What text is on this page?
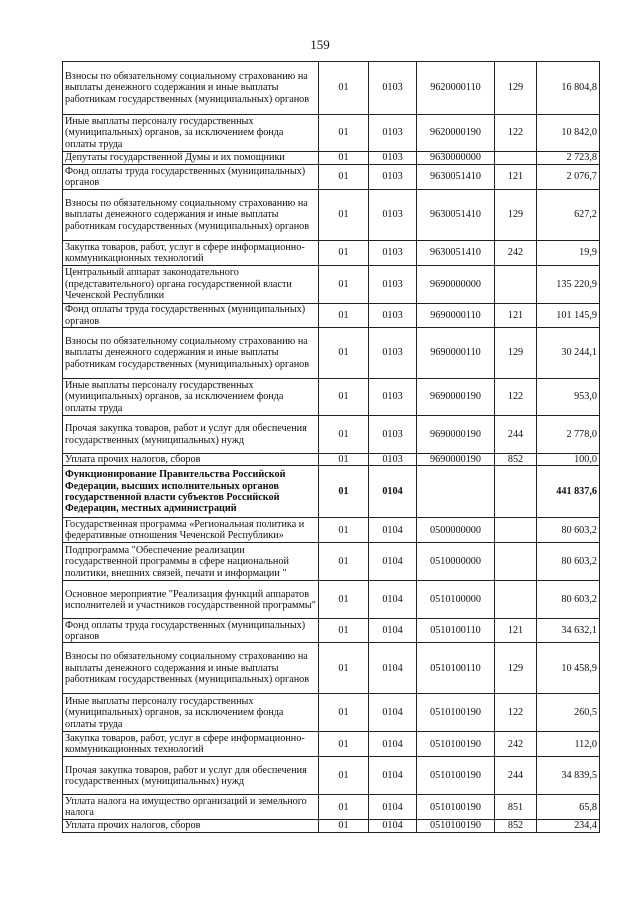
159
Взносы по обязательному социальному страхованию на выплаты денежного содержания и иные выплаты работникам государственных (муниципальных) органов	01	0103	9620000110	129	16 804,8
Иные выплаты персоналу государственных (муниципальных) органов, за исключением фонда оплаты труда	01	0103	9620000190	122	10 842,0
Депутаты государственной Думы и их помощники	01	0103	9630000000		2 723,8
Фонд оплаты труда государственных (муниципальных) органов	01	0103	9630051410	121	2 076,7
Взносы по обязательному социальному страхованию на выплаты денежного содержания и иные выплаты работникам государственных (муниципальных) органов	01	0103	9630051410	129	627,2
Закупка товаров, работ, услуг в сфере информационно-коммуникационных технологий	01	0103	9630051410	242	19,9
Центральный аппарат законодательного (представительного) органа государственной власти Чеченской Республики	01	0103	9690000000		135 220,9
Фонд оплаты труда государственных (муниципальных) органов	01	0103	9690000110	121	101 145,9
Взносы по обязательному социальному страхованию на выплаты денежного содержания и иные выплаты работникам государственных (муниципальных) органов	01	0103	9690000110	129	30 244,1
Иные выплаты персоналу государственных (муниципальных) органов, за исключением фонда оплаты труда	01	0103	9690000190	122	953,0
Прочая закупка товаров, работ и услуг для обеспечения государственных (муниципальных) нужд	01	0103	9690000190	244	2 778,0
Уплата прочих налогов, сборов	01	0103	9690000190	852	100,0
Функционирование Правительства Российской Федерации, высших исполнительных органов государственной власти субъектов Российской Федерации, местных администраций	01	0104			441 837,6
Государственная программа «Региональная политика и федеративные отношения Чеченской Республики»	01	0104	0500000000		80 603,2
Подпрограмма "Обеспечение реализации государственной программы в сфере национальной политики, внешних связей, печати и информации "	01	0104	0510000000		80 603,2
Основное мероприятие "Реализация функций аппаратов исполнителей и участников государственной программы"	01	0104	0510100000		80 603,2
Фонд оплаты труда государственных (муниципальных) органов	01	0104	0510100110	121	34 632,1
Взносы по обязательному социальному страхованию на выплаты денежного содержания и иные выплаты работникам государственных (муниципальных) органов	01	0104	0510100110	129	10 458,9
Иные выплаты персоналу государственных (муниципальных) органов, за исключением фонда оплаты труда	01	0104	0510100190	122	260,5
Закупка товаров, работ, услуг в сфере информационно-коммуникационных технологий	01	0104	0510100190	242	112,0
Прочая закупка товаров, работ и услуг для обеспечения государственных (муниципальных) нужд	01	0104	0510100190	244	34 839,5
Уплата налога на имущество организаций и земельного налога	01	0104	0510100190	851	65,8
Уплата прочих налогов, сборов	01	0104	0510100190	852	234,4
